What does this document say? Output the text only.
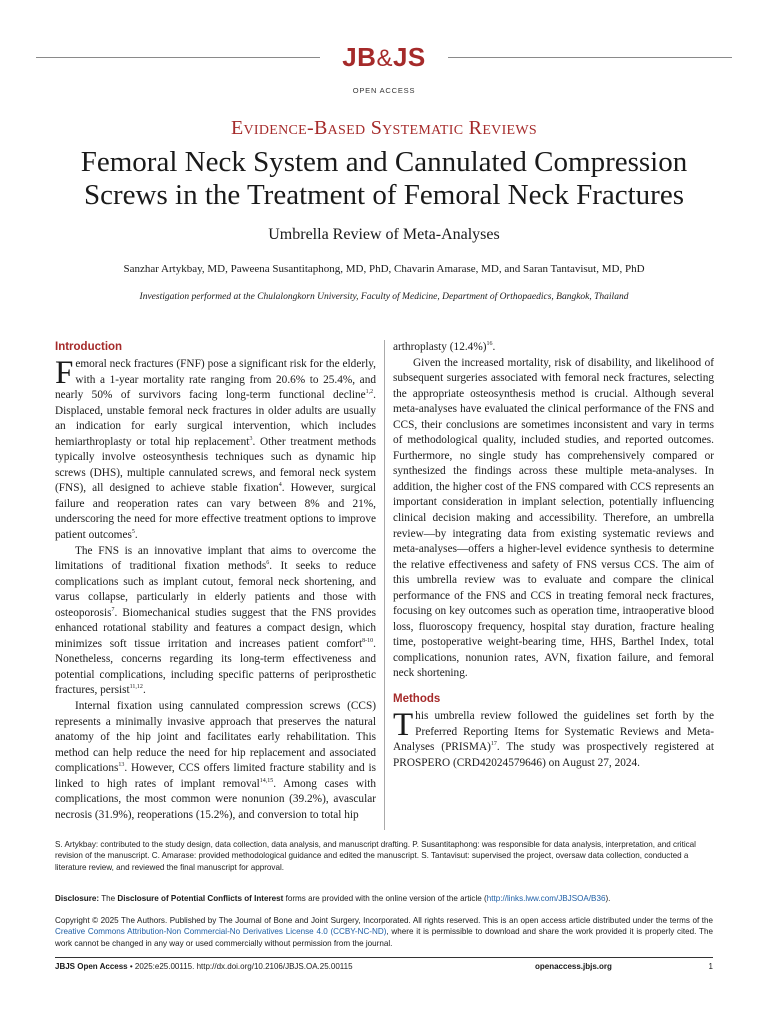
JB&JS
OPEN ACCESS
Evidence-Based Systematic Reviews
Femoral Neck System and Cannulated Compression Screws in the Treatment of Femoral Neck Fractures
Umbrella Review of Meta-Analyses
Sanzhar Artykbay, MD, Paweena Susantitaphong, MD, PhD, Chavarin Amarase, MD, and Saran Tantavisut, MD, PhD
Investigation performed at the Chulalongkorn University, Faculty of Medicine, Department of Orthopaedics, Bangkok, Thailand
Introduction

Femoral neck fractures (FNF) pose a significant risk for the elderly, with a 1-year mortality rate ranging from 20.6% to 25.4%, and nearly 50% of survivors facing long-term functional decline$^{1,2}$. Displaced, unstable femoral neck fractures in older adults are usually an indication for early surgical intervention, which includes hemiarthroplasty or total hip replacement$^3$. Other treatment methods typically involve osteosynthesis techniques such as dynamic hip screws (DHS), multiple cannulated screws, and femoral neck system (FNS), all designed to achieve stable fixation$^4$. However, surgical failure and reoperation rates can vary between 8% and 21%, underscoring the need for more effective treatment options to improve patient outcomes$^5$.

The FNS is an innovative implant that aims to overcome the limitations of traditional fixation methods$^6$. It seeks to reduce complications such as implant cutout, femoral neck shortening, and varus collapse, particularly in elderly patients and those with osteoporosis$^7$. Biomechanical studies suggest that the FNS provides enhanced rotational stability and features a compact design, which minimizes soft tissue irritation and increases patient comfort$^{8-10}$. Nonetheless, concerns regarding its long-term effectiveness and potential complications, including specific patterns of periprosthetic fractures, persist$^{11,12}$.

Internal fixation using cannulated compression screws (CCS) represents a minimally invasive approach that preserves the natural anatomy of the hip joint and facilitates early rehabilitation. This method can help reduce the need for hip replacement and associated complications$^{13}$. However, CCS offers limited fracture stability and is linked to high rates of implant removal$^{14,15}$. Among cases with complications, the most common were nonunion (39.2%), avascular necrosis (31.9%), reoperations (15.2%), and conversion to total hip

arthroplasty $(12.4\%)^{16}$.

Given the increased mortality, risk of disability, and likelihood of subsequent surgeries associated with femoral neck fractures, selecting the appropriate osteosynthesis method is crucial. Although several meta-analyses have evaluated the clinical performance of the FNS and CCS, their conclusions are sometimes inconsistent and vary in terms of methodological quality, included studies, and reported outcomes. Furthermore, no single study has comprehensively compared or synthesized the findings across these multiple meta-analyses. In addition, the higher cost of the FNS compared with CCS represents an important consideration in implant selection, potentially influencing clinical decision making and accessibility. Therefore, an umbrella review—by integrating data from existing systematic reviews and meta-analyses—offers a higher-level evidence synthesis to determine the relative effectiveness and safety of FNS versus CCS. The aim of this umbrella review was to evaluate and compare the clinical performance of the FNS and CCS in treating femoral neck fractures, focusing on key outcomes such as operation time, intraoperative blood loss, fluoroscopy frequency, hospital stay duration, fracture healing time, postoperative weight-bearing time, HHS, Barthel Index, total complications, nonunion rates, AVN, fixation failure, and femoral neck shortening.

Methods

This umbrella review followed the guidelines set forth by the Preferred Reporting Items for Systematic Reviews and Meta-Analyses (PRISMA)$^{17}$. The study was prospectively registered at PROSPERO (CRD42024579646) on August 27, 2024.

S. Artykbay: contributed to the study design, data collection, data analysis, and manuscript drafting. P. Susantitaphong: was responsible for data analysis, interpretation, and critical revision of the manuscript. C. Amarase: provided methodological guidance and edited the manuscript. S. Tantavisut: supervised the project, oversaw data collection, conducted a literature review, and reviewed the final manuscript for approval.
Disclosure: The Disclosure of Potential Conflicts of Interest forms are provided with the online version of the article (http://links.lww.com/JBJSOA/B36).
Copyright © 2025 The Authors. Published by The Journal of Bone and Joint Surgery, Incorporated. All rights reserved. This is an open access article distributed under the terms of the Creative Commons Attribution-Non Commercial-No Derivatives License 4.0 (CCBY-NC-ND), where it is permissible to download and share the work provided it is properly cited. The work cannot be changed in any way or used commercially without permission from the journal.
JBJS Open Access • 2025:e25.00115. http://dx.doi.org/10.2106/JBJS.OA.25.00115	openaccess.jbjs.org	1
